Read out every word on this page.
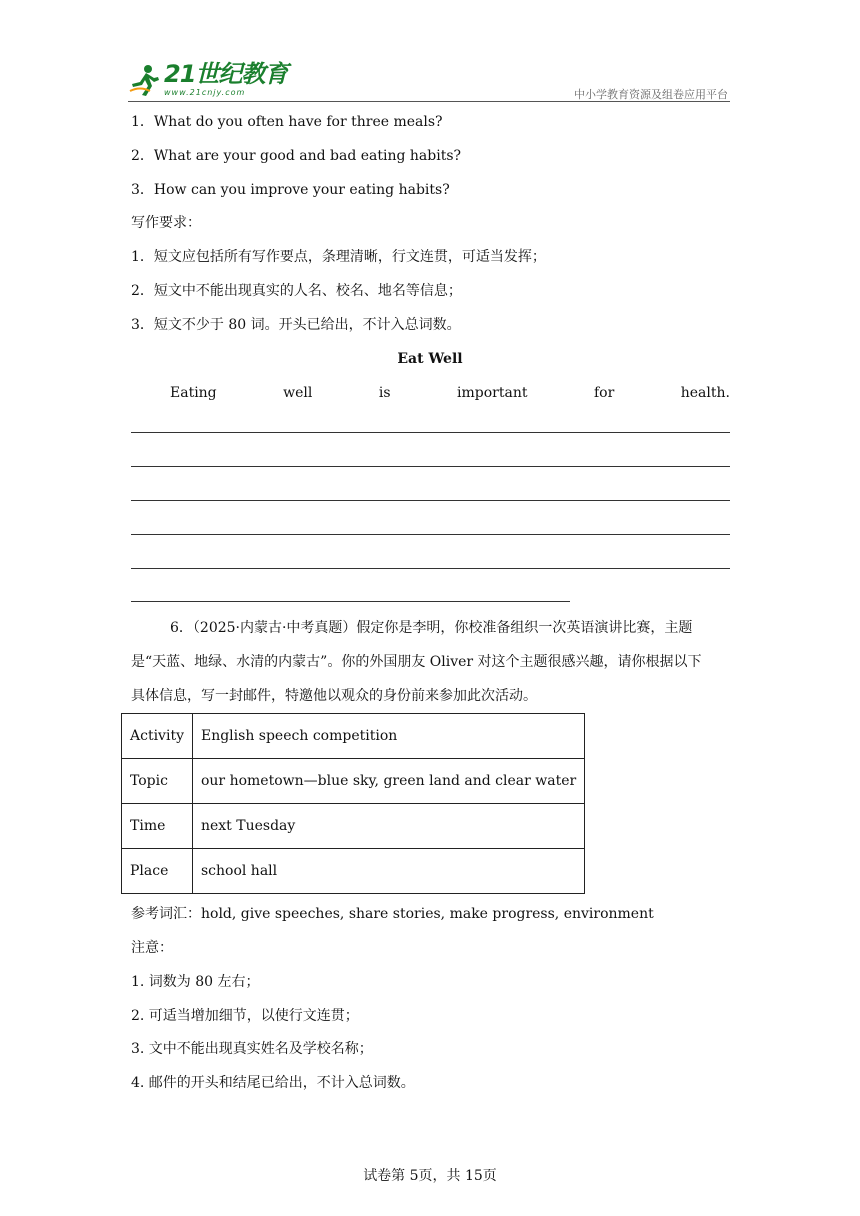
21世纪教育
www.21cnjy.com	中小学教育资源及组卷应用平台
1．What do you often have for three meals?
2．What are your good and bad eating habits?
3．How can you improve your eating habits?
写作要求：
1．短文应包括所有写作要点，条理清晰，行文连贯，可适当发挥；
2．短文中不能出现真实的人名、校名、地名等信息；
3．短文不少于 80 词。开头已给出，不计入总词数。
Eat Well
Eating	well	is	important	for	health.
6．（2025·内蒙古·中考真题）假定你是李明，你校准备组织一次英语演讲比赛，主题
是“天蓝、地绿、水清的内蒙古”。你的外国朋友 Oliver 对这个主题很感兴趣，请你根据以下
具体信息，写一封邮件，特邀他以观众的身份前来参加此次活动。
Activity	English speech competition
Topic	our hometown—blue sky, green land and clear water
Time	next Tuesday
Place	school hall
参考词汇：hold, give speeches, share stories, make progress, environment
注意：
1. 词数为 80 左右；
2. 可适当增加细节，以使行文连贯；
3. 文中不能出现真实姓名及学校名称；
4. 邮件的开头和结尾已给出，不计入总词数。
试卷第 5页，共 15页
